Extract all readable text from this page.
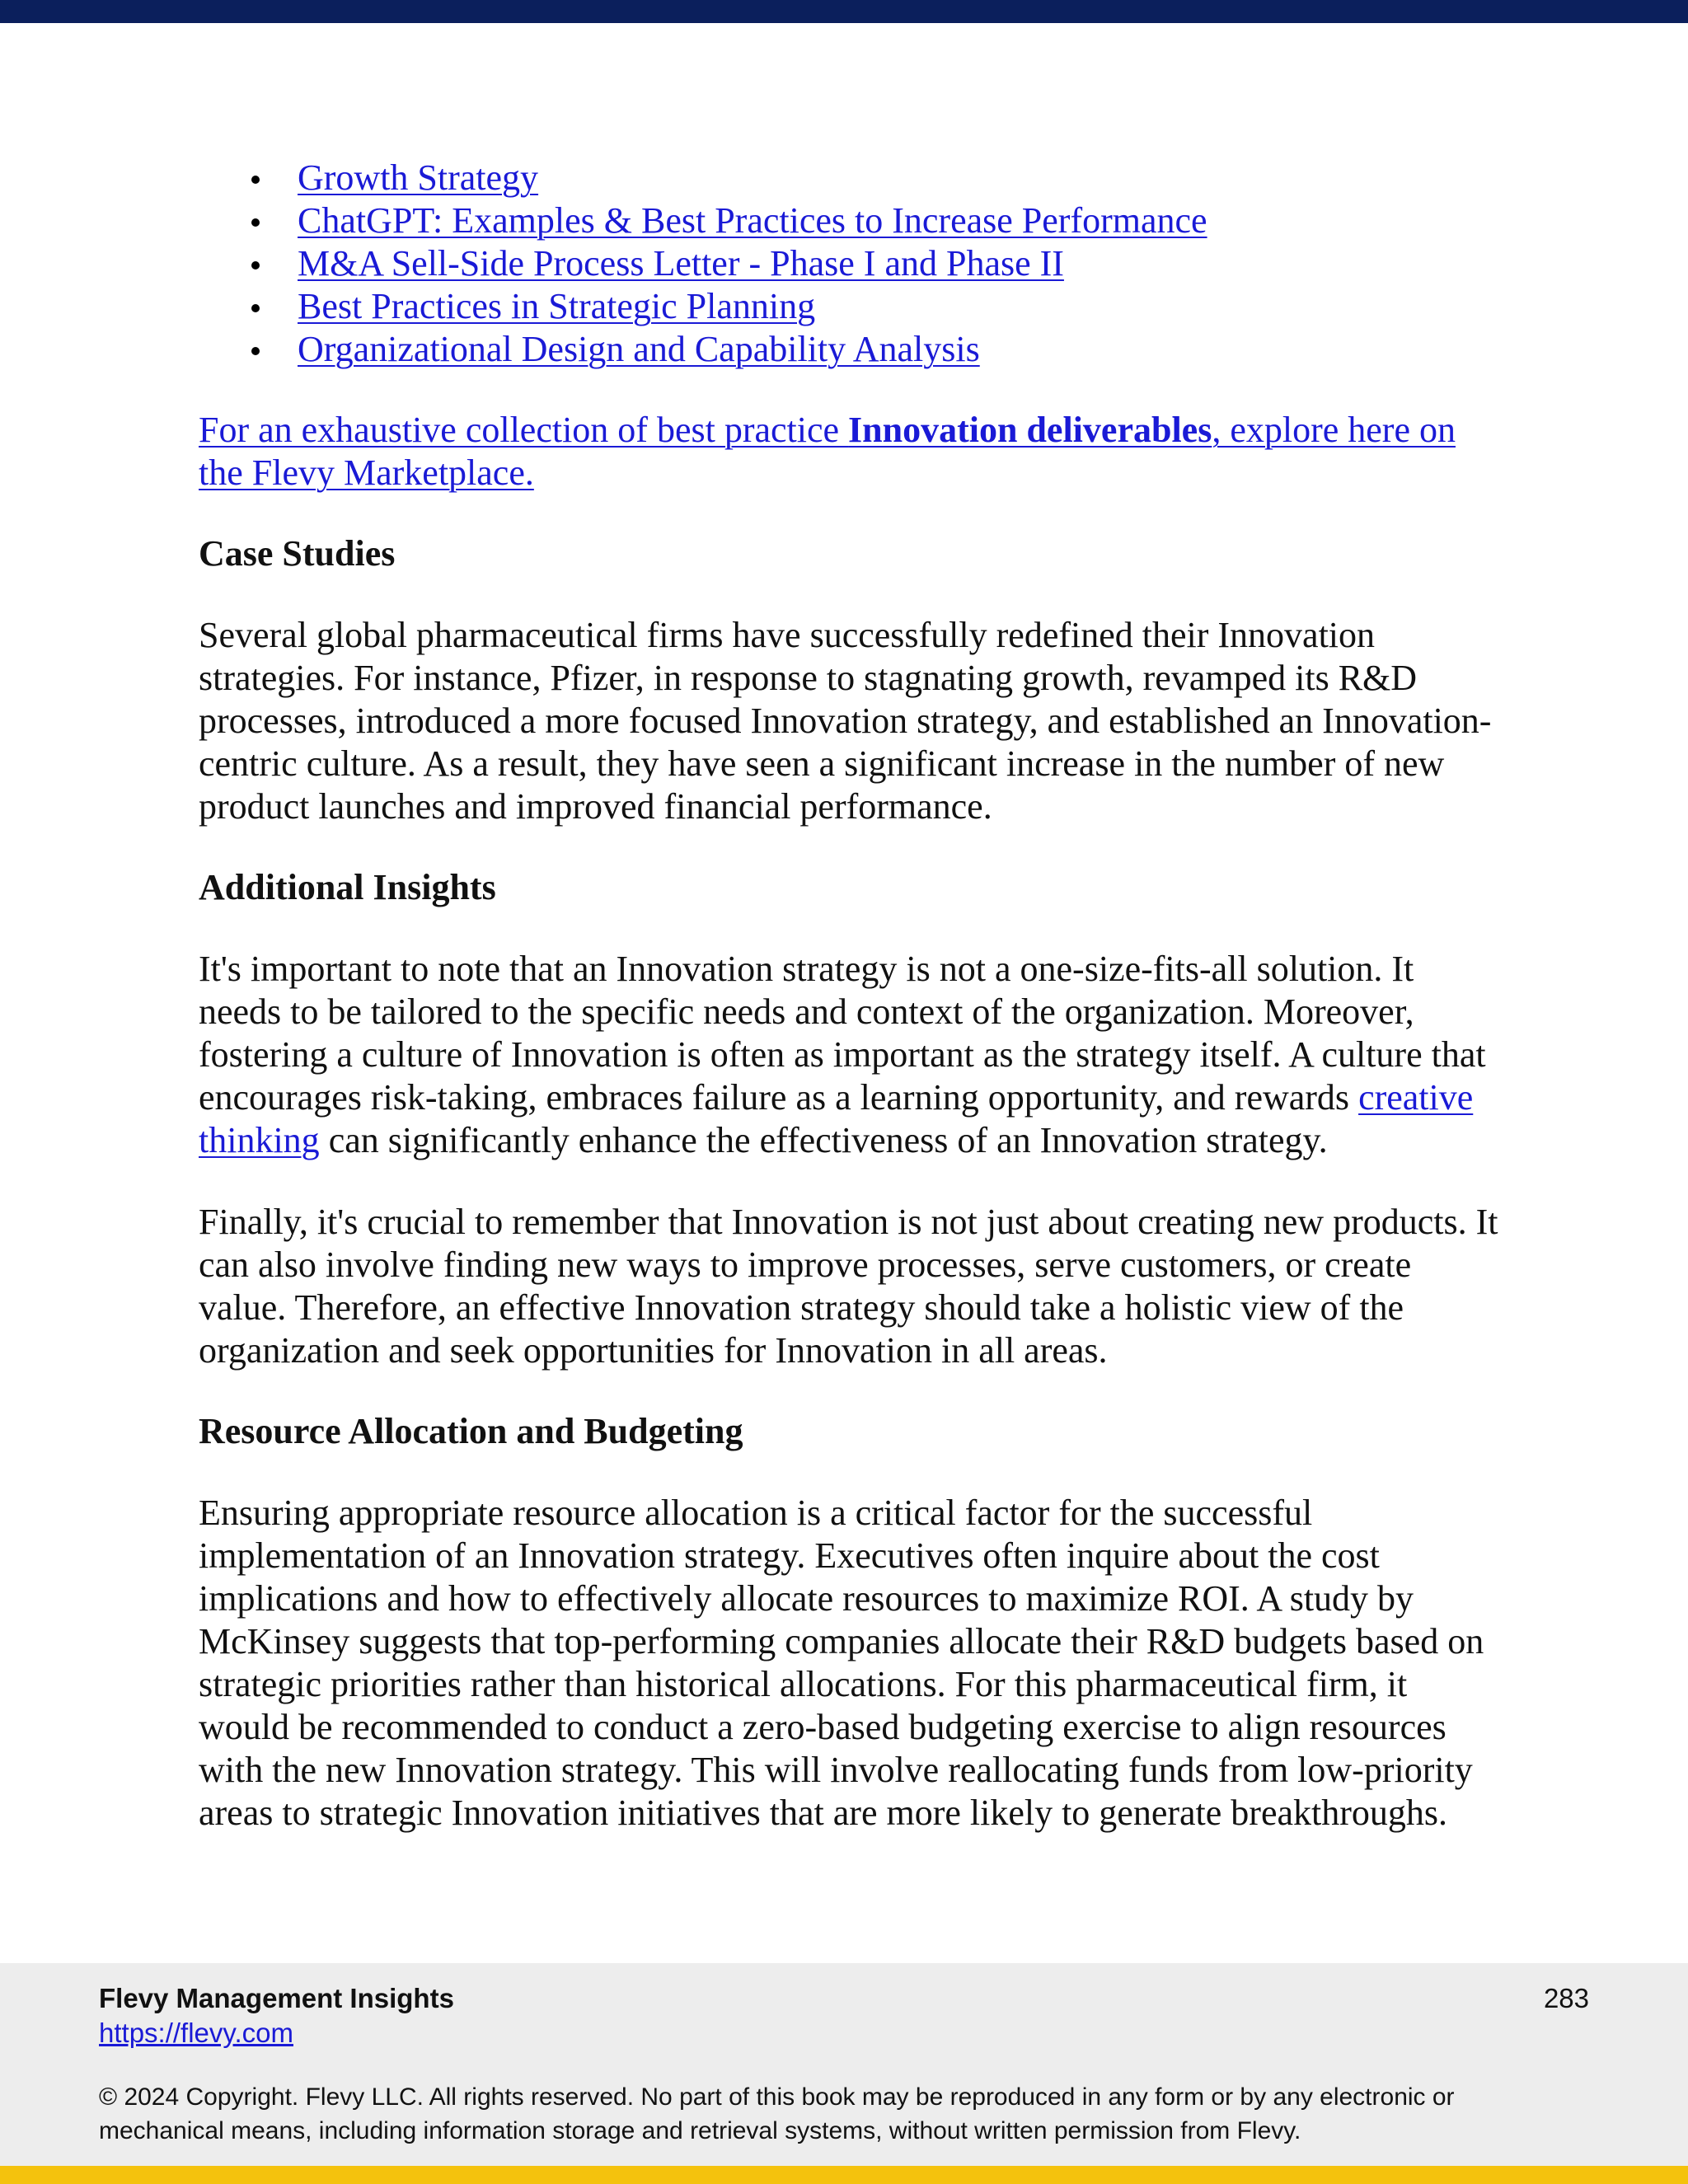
Growth Strategy
ChatGPT: Examples & Best Practices to Increase Performance
M&A Sell-Side Process Letter - Phase I and Phase II
Best Practices in Strategic Planning
Organizational Design and Capability Analysis

For an exhaustive collection of best practice Innovation deliverables, explore here on the Flevy Marketplace.

Case Studies

Several global pharmaceutical firms have successfully redefined their Innovation strategies. For instance, Pfizer, in response to stagnating growth, revamped its R&D processes, introduced a more focused Innovation strategy, and established an Innovation-centric culture. As a result, they have seen a significant increase in the number of new product launches and improved financial performance.

Additional Insights

It's important to note that an Innovation strategy is not a one-size-fits-all solution. It needs to be tailored to the specific needs and context of the organization. Moreover, fostering a culture of Innovation is often as important as the strategy itself. A culture that encourages risk-taking, embraces failure as a learning opportunity, and rewards creative thinking can significantly enhance the effectiveness of an Innovation strategy.

Finally, it's crucial to remember that Innovation is not just about creating new products. It can also involve finding new ways to improve processes, serve customers, or create value. Therefore, an effective Innovation strategy should take a holistic view of the organization and seek opportunities for Innovation in all areas.

Resource Allocation and Budgeting

Ensuring appropriate resource allocation is a critical factor for the successful implementation of an Innovation strategy. Executives often inquire about the cost implications and how to effectively allocate resources to maximize ROI. A study by McKinsey suggests that top-performing companies allocate their R&D budgets based on strategic priorities rather than historical allocations. For this pharmaceutical firm, it would be recommended to conduct a zero-based budgeting exercise to align resources with the new Innovation strategy. This will involve reallocating funds from low-priority areas to strategic Innovation initiatives that are more likely to generate breakthroughs.

Flevy Management Insights
https://flevy.com
283
© 2024 Copyright. Flevy LLC. All rights reserved. No part of this book may be reproduced in any form or by any electronic or mechanical means, including information storage and retrieval systems, without written permission from Flevy.
